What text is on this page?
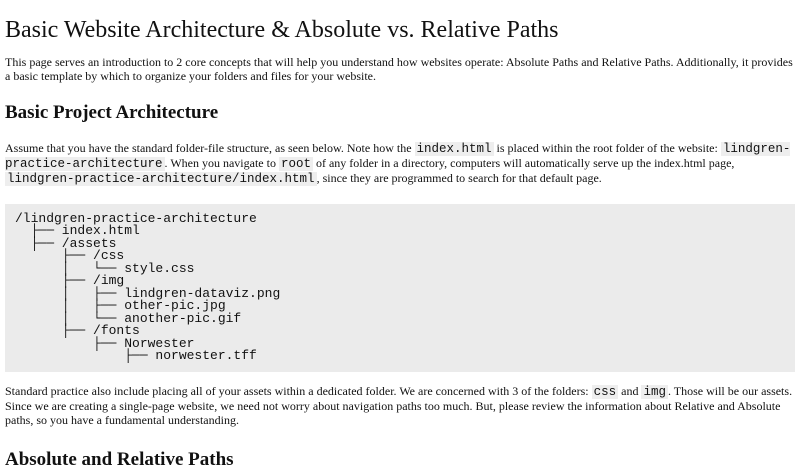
Basic Website Architecture & Absolute vs. Relative Paths

This page serves an introduction to 2 core concepts that will help you understand how websites operate: Absolute Paths and Relative Paths. Additionally, it provides a basic template by which to organize your folders and files for your website.

Basic Project Architecture

Assume that you have the standard folder-file structure, as seen below. Note how the index.html is placed within the root folder of the website: lindgren-practice-architecture . When you navigate to root of any folder in a directory, computers will automatically serve up the index.html page, lindgren-practice-architecture/index.html , since they are programmed to search for that default page.

/lindgren-practice-architecture
├── index.html
├── /assets
├── /css
│   └── style.css
├── /img
│   ├── lindgren-dataviz.png
│   ├── other-pic.jpg
│   └── another-pic.gif
├── /fonts
├── Norwester
├── norwester.tff

Standard practice also include placing all of your assets within a dedicated folder. We are concerned with 3 of the folders: css and img . Those will be our assets. Since we are creating a single-page website, we need not worry about navigation paths too much. But, please review the information about Relative and Absolute paths, so you have a fundamental understanding.

Absolute and Relative Paths
